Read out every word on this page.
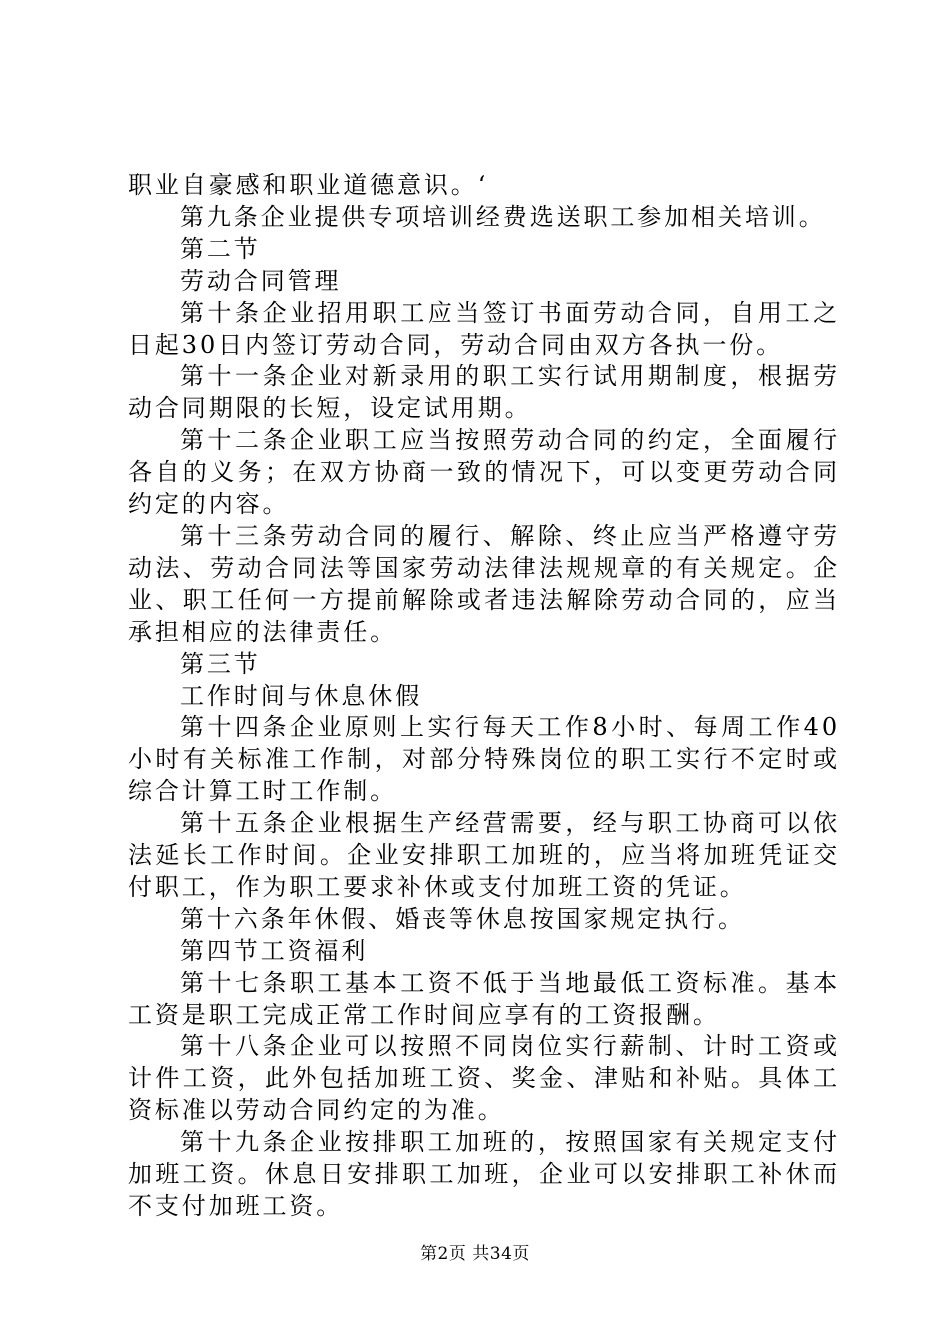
职业自豪感和职业道德意识。‘

第九条企业提供专项培训经费选送职工参加相关培训。

第二节

劳动合同管理

第十条企业招用职工应当签订书面劳动合同，自用工之日起30日内签订劳动合同，劳动合同由双方各执一份。

第十一条企业对新录用的职工实行试用期制度，根据劳动合同期限的长短，设定试用期。

第十二条企业职工应当按照劳动合同的约定，全面履行各自的义务；在双方协商一致的情况下，可以变更劳动合同约定的内容。

第十三条劳动合同的履行、解除、终止应当严格遵守劳动法、劳动合同法等国家劳动法律法规规章的有关规定。企业、职工任何一方提前解除或者违法解除劳动合同的，应当承担相应的法律责任。

第三节

工作时间与休息休假

第十四条企业原则上实行每天工作8小时、每周工作40小时有关标准工作制，对部分特殊岗位的职工实行不定时或综合计算工时工作制。

第十五条企业根据生产经营需要，经与职工协商可以依法延长工作时间。企业安排职工加班的，应当将加班凭证交付职工，作为职工要求补休或支付加班工资的凭证。

第十六条年休假、婚丧等休息按国家规定执行。

第四节工资福利

第十七条职工基本工资不低于当地最低工资标准。基本工资是职工完成正常工作时间应享有的工资报酬。

第十八条企业可以按照不同岗位实行薪制、计时工资或计件工资，此外包括加班工资、奖金、津贴和补贴。具体工资标准以劳动合同约定的为准。

第十九条企业按排职工加班的，按照国家有关规定支付加班工资。休息日安排职工加班，企业可以安排职工补休而不支付加班工资。

第2页 共34页
